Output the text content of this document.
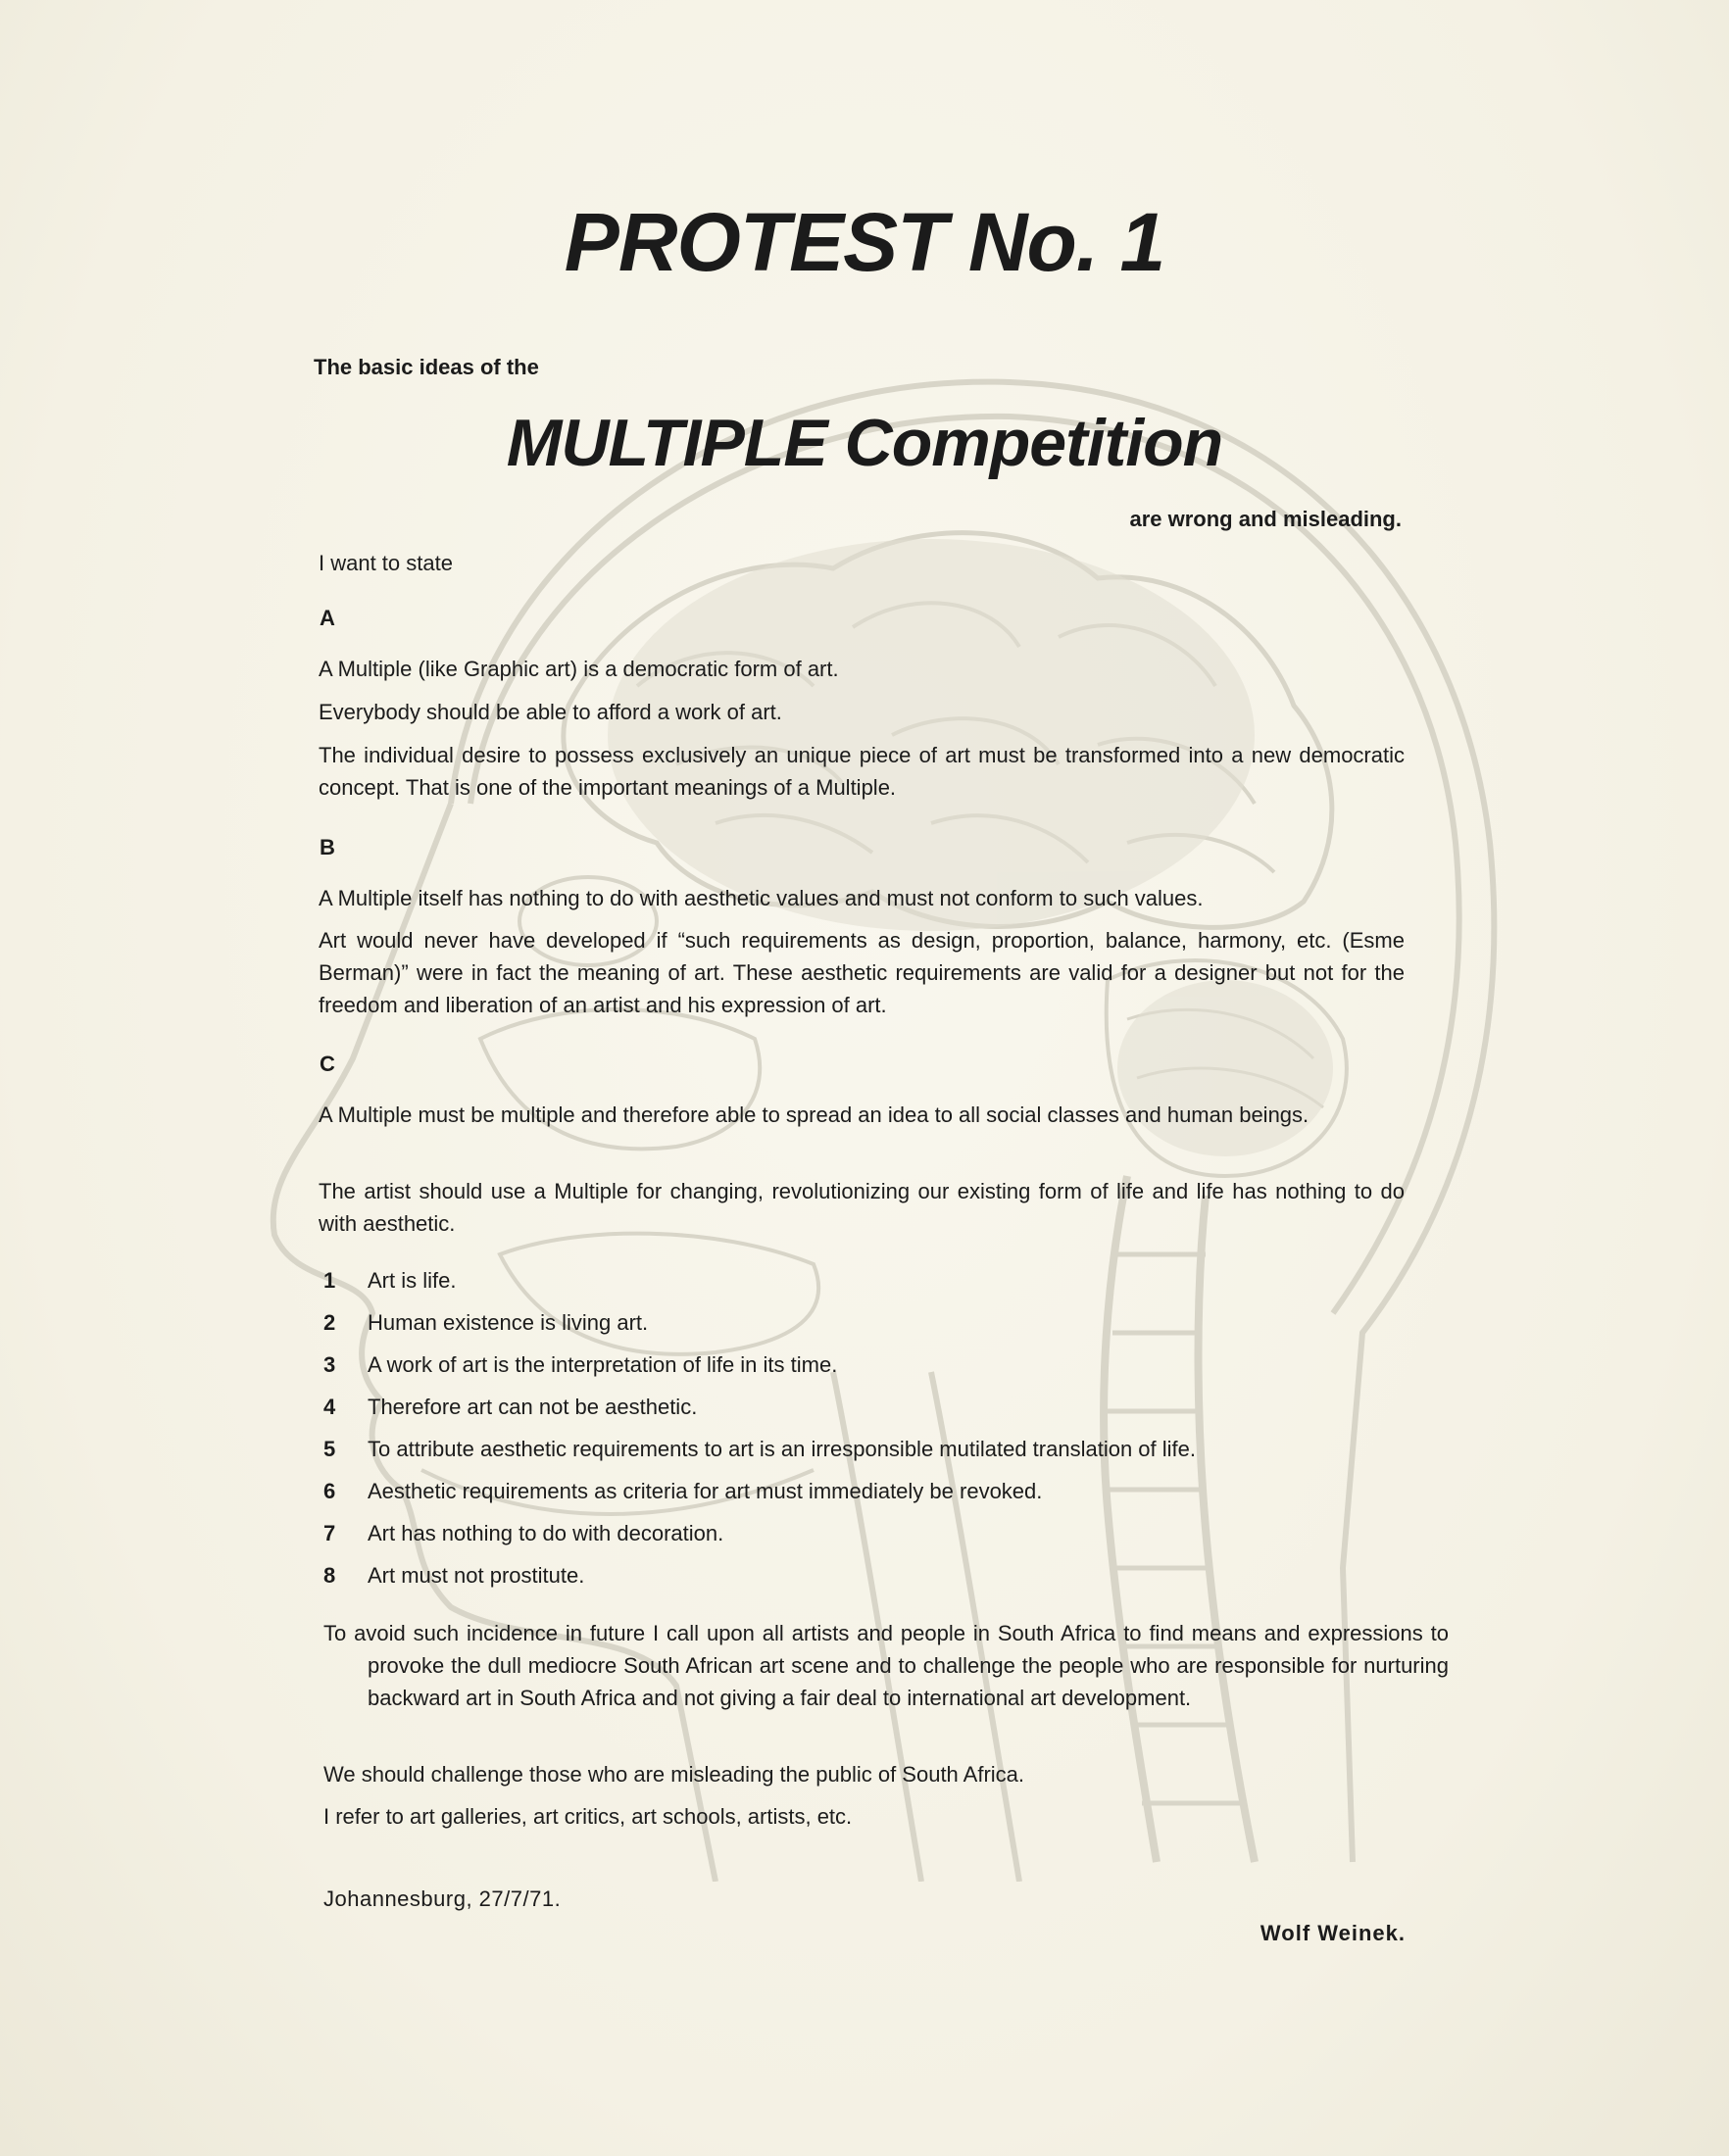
PROTEST No. 1
The basic ideas of the
MULTIPLE Competition
are wrong and misleading.
I want to state
A
A Multiple (like Graphic art) is a democratic form of art.
Everybody should be able to afford a work of art.
The individual desire to possess exclusively an unique piece of art must be transformed into a new democratic concept. That is one of the important meanings of a Multiple.
B
A Multiple itself has nothing to do with aesthetic values and must not conform to such values.
Art would never have developed if “such requirements as design, proportion, balance, harmony, etc. (Esme Berman)” were in fact the meaning of art. These aesthetic requirements are valid for a designer but not for the freedom and liberation of an artist and his expression of art.
C
A Multiple must be multiple and therefore able to spread an idea to all social classes and human beings.
The artist should use a Multiple for changing, revolutionizing our existing form of life and life has nothing to do with aesthetic.
1 Art is life.
2 Human existence is living art.
3 A work of art is the interpretation of life in its time.
4 Therefore art can not be aesthetic.
5 To attribute aesthetic requirements to art is an irresponsible mutilated translation of life.
6 Aesthetic requirements as criteria for art must immediately be revoked.
7 Art has nothing to do with decoration.
8 Art must not prostitute.
To avoid such incidence in future I call upon all artists and people in South Africa to find means and expressions to provoke the dull mediocre South African art scene and to challenge the people who are responsible for nurturing backward art in South Africa and not giving a fair deal to international art development.
We should challenge those who are misleading the public of South Africa.
I refer to art galleries, art critics, art schools, artists, etc.
Johannesburg, 27/7/71.
Wolf Weinek.
